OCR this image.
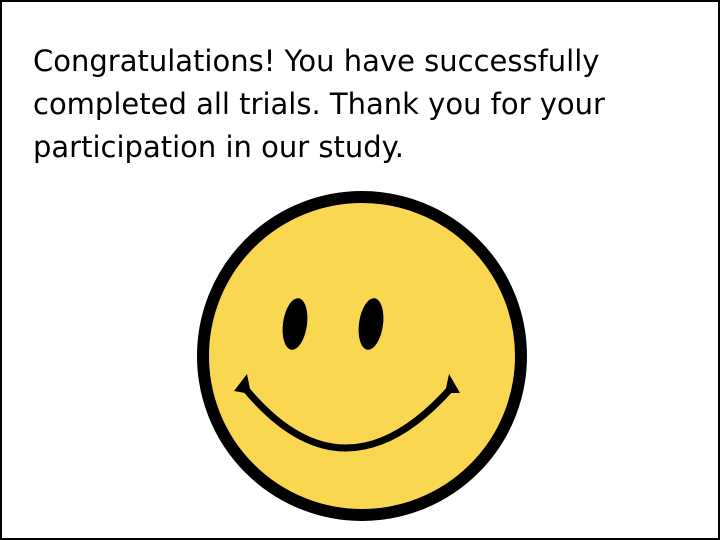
Congratulations! You have successfully completed all trials. Thank you for your participation in our study.
